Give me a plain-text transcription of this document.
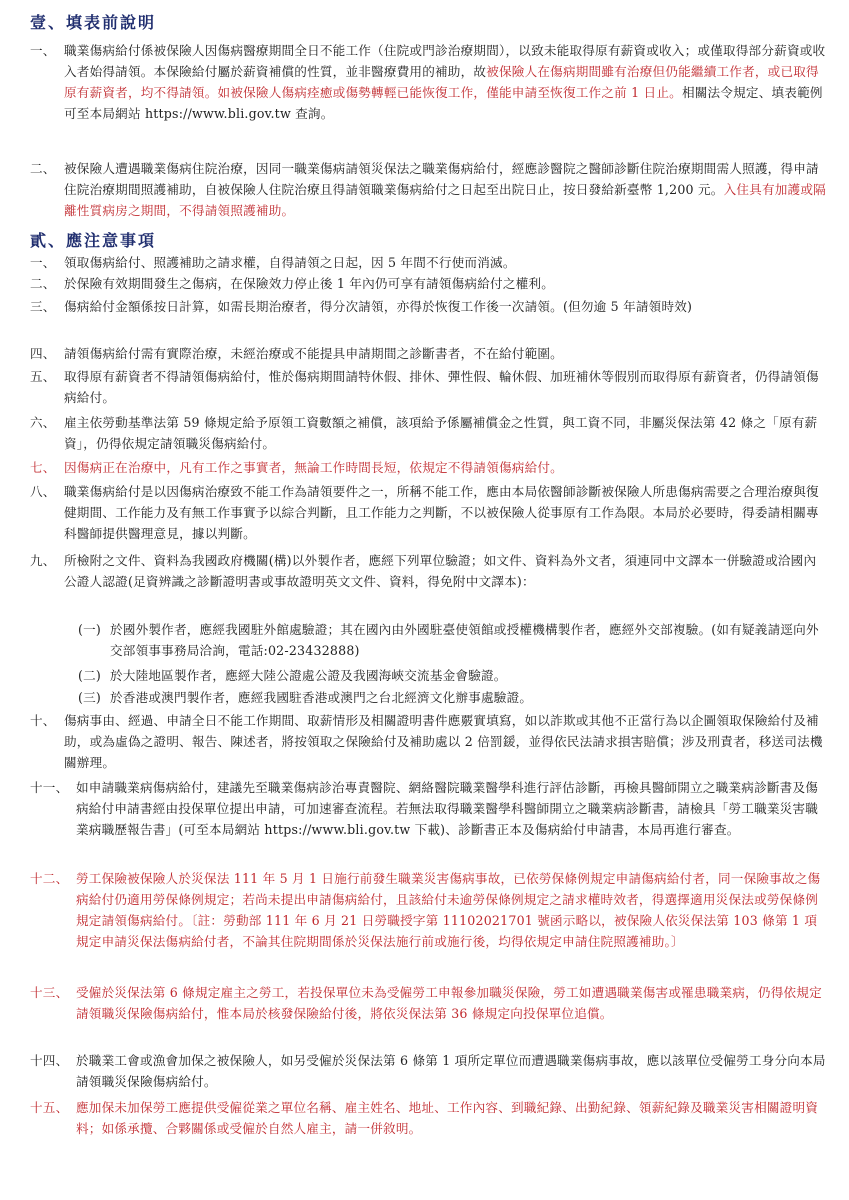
壹、填表前說明
一、 職業傷病給付係被保險人因傷病醫療期間全日不能工作（住院或門診治療期間），以致未能取得原有薪資或收入；或僅取得部分薪資或收入者始得請領。本保險給付屬於薪資補償的性質，並非醫療費用的補助，故被保險人在傷病期間雖有治療但仍能繼續工作者，或已取得原有薪資者，均不得請領。如被保險人傷病痊癒或傷勢轉輕已能恢復工作，僅能申請至恢復工作之前 1 日止。相關法令規定、填表範例可至本局網站 https://www.bli.gov.tw 查詢。
二、 被保險人遭遇職業傷病住院治療，因同一職業傷病請領災保法之職業傷病給付，經應診醫院之醫師診斷住院治療期間需人照護，得申請住院治療期間照護補助，自被保險人住院治療且得請領職業傷病給付之日起至出院日止，按日發給新臺幣 1,200 元。入住具有加護或隔離性質病房之期間，不得請領照護補助。
貳、應注意事項
一、 領取傷病給付、照護補助之請求權，自得請領之日起，因 5 年間不行使而消滅。
二、 於保險有效期間發生之傷病，在保險效力停止後 1 年內仍可享有請領傷病給付之權利。
三、 傷病給付金額係按日計算，如需長期治療者，得分次請領，亦得於恢復工作後一次請領。(但勿逾 5 年請領時效)
四、 請領傷病給付需有實際治療，未經治療或不能提具申請期間之診斷書者，不在給付範圍。
五、 取得原有薪資者不得請領傷病給付，惟於傷病期間請特休假、排休、彈性假、輪休假、加班補休等假別而取得原有薪資者，仍得請領傷病給付。
六、 雇主依勞動基準法第 59 條規定給予原領工資數額之補償，該項給予係屬補償金之性質，與工資不同，非屬災保法第 42 條之「原有薪資」，仍得依規定請領職災傷病給付。
七、 因傷病正在治療中，凡有工作之事實者，無論工作時間長短，依規定不得請領傷病給付。
八、 職業傷病給付是以因傷病治療致不能工作為請領要件之一，所稱不能工作，應由本局依醫師診斷被保險人所患傷病需要之合理治療與復健期間、工作能力及有無工作事實予以綜合判斷，且工作能力之判斷，不以被保險人從事原有工作為限。本局於必要時，得委請相關專科醫師提供醫理意見，據以判斷。
九、 所檢附之文件、資料為我國政府機關(構)以外製作者，應經下列單位驗證；如文件、資料為外文者，須連同中文譯本一併驗證或洽國內公證人認證(足資辨識之診斷證明書或事故證明英文文件、資料，得免附中文譯本)：
(一) 於國外製作者，應經我國駐外館處驗證；其在國內由外國駐臺使領館或授權機構製作者，應經外交部複驗。(如有疑義請逕向外交部領事事務局洽詢，電話:02-23432888)
(二) 於大陸地區製作者，應經大陸公證處公證及我國海峽交流基金會驗證。
(三) 於香港或澳門製作者，應經我國駐香港或澳門之台北經濟文化辦事處驗證。
十、 傷病事由、經過、申請全日不能工作期間、取薪情形及相關證明書件應覈實填寫，如以詐欺或其他不正當行為以企圖領取保險給付及補助，或為虛偽之證明、報告、陳述者，將按領取之保險給付及補助處以 2 倍罰鍰，並得依民法請求損害賠償；涉及刑責者，移送司法機關辦理。
十一、 如申請職業病傷病給付，建議先至職業傷病診治專責醫院、網絡醫院職業醫學科進行評估診斷，再檢具醫師開立之職業病診斷書及傷病給付申請書經由投保單位提出申請，可加速審查流程。若無法取得職業醫學科醫師開立之職業病診斷書，請檢具「勞工職業災害職業病職歷報告書」(可至本局網站 https://www.bli.gov.tw 下載)、診斷書正本及傷病給付申請書，本局再進行審查。
十二、 勞工保險被保險人於災保法 111 年 5 月 1 日施行前發生職業災害傷病事故，已依勞保條例規定申請傷病給付者，同一保險事故之傷病給付仍適用勞保條例規定；若尚未提出申請傷病給付，且該給付未逾勞保條例規定之請求權時效者，得選擇適用災保法或勞保條例規定請領傷病給付。〔註：勞動部 111 年 6 月 21 日勞職授字第 11102021701 號函示略以，被保險人依災保法第 103 條第 1 項規定申請災保法傷病給付者，不論其住院期間係於災保法施行前或施行後，均得依規定申請住院照護補助。〕
十三、 受僱於災保法第 6 條規定雇主之勞工，若投保單位未為受僱勞工申報參加職災保險，勞工如遭遇職業傷害或罹患職業病，仍得依規定請領職災保險傷病給付，惟本局於核發保險給付後，將依災保法第 36 條規定向投保單位追償。
十四、 於職業工會或漁會加保之被保險人，如另受僱於災保法第 6 條第 1 項所定單位而遭遇職業傷病事故，應以該單位受僱勞工身分向本局請領職災保險傷病給付。
十五、 應加保未加保勞工應提供受僱從業之單位名稱、雇主姓名、地址、工作內容、到職紀錄、出勤紀錄、領薪紀錄及職業災害相關證明資料；如係承攬、合夥關係或受僱於自然人雇主，請一併敘明。
